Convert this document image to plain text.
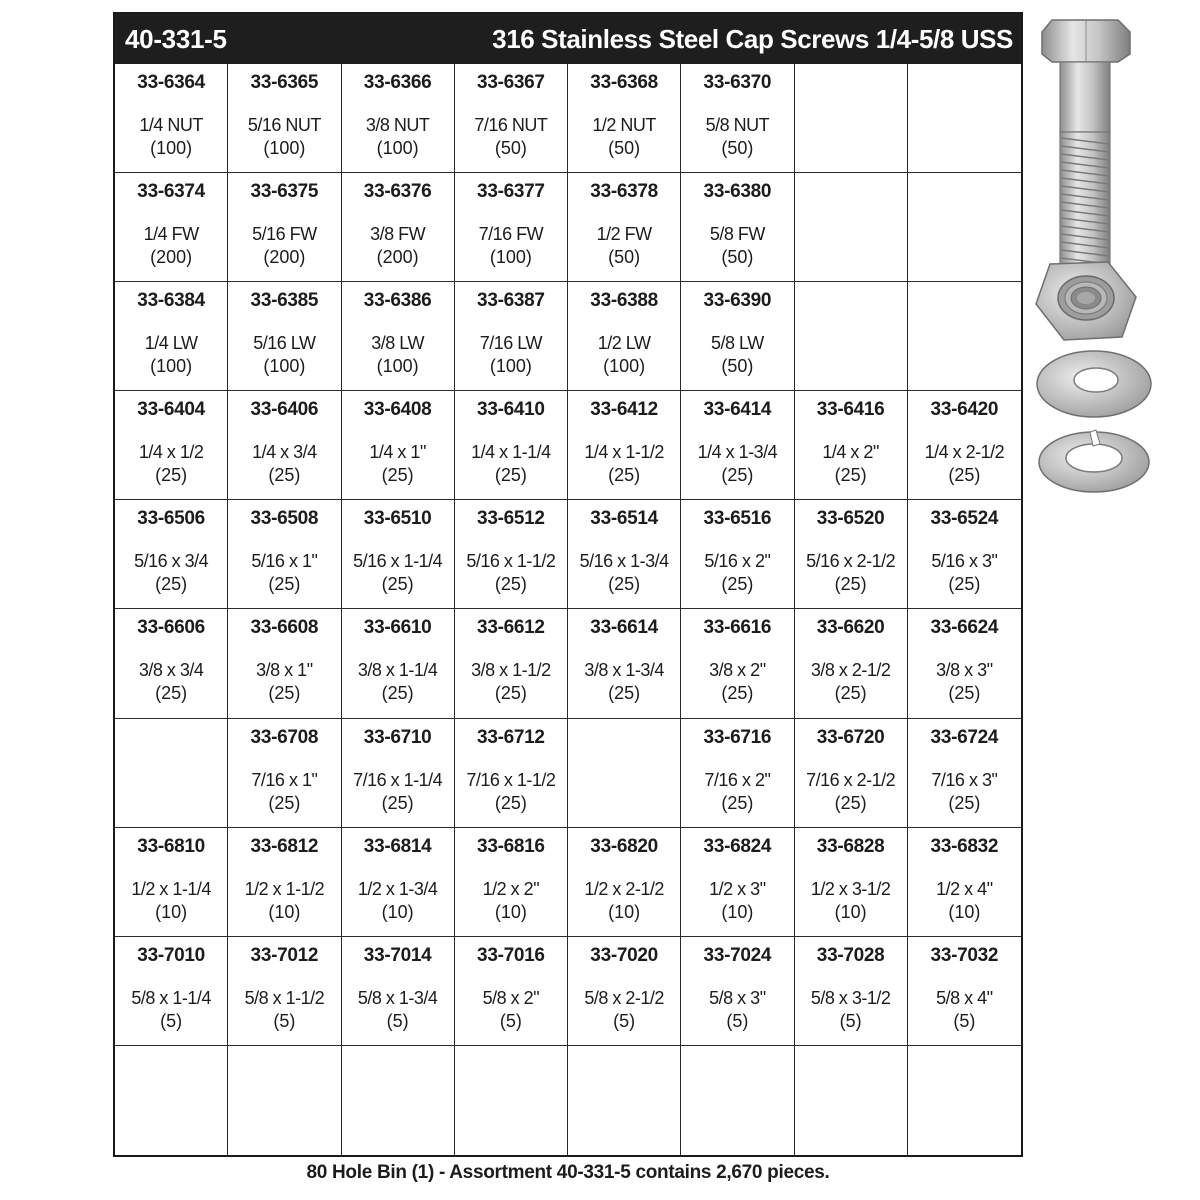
40-331-5	316 Stainless Steel Cap Screws 1/4-5/8 USS
33-6364
1/4 NUT
(100)
33-6365
5/16 NUT
(100)
33-6366
3/8 NUT
(100)
33-6367
7/16 NUT
(50)
33-6368
1/2 NUT
(50)
33-6370
5/8 NUT
(50)
33-6374
1/4 FW
(200)
33-6375
5/16 FW
(200)
33-6376
3/8 FW
(200)
33-6377
7/16 FW
(100)
33-6378
1/2 FW
(50)
33-6380
5/8 FW
(50)
33-6384
1/4 LW
(100)
33-6385
5/16 LW
(100)
33-6386
3/8 LW
(100)
33-6387
7/16 LW
(100)
33-6388
1/2 LW
(100)
33-6390
5/8 LW
(50)
33-6404
1/4 x 1/2
(25)
33-6406
1/4 x 3/4
(25)
33-6408
1/4 x 1"
(25)
33-6410
1/4 x 1-1/4
(25)
33-6412
1/4 x 1-1/2
(25)
33-6414
1/4 x 1-3/4
(25)
33-6416
1/4 x 2"
(25)
33-6420
1/4 x 2-1/2
(25)
33-6506
5/16 x 3/4
(25)
33-6508
5/16 x 1"
(25)
33-6510
5/16 x 1-1/4
(25)
33-6512
5/16 x 1-1/2
(25)
33-6514
5/16 x 1-3/4
(25)
33-6516
5/16 x 2"
(25)
33-6520
5/16 x 2-1/2
(25)
33-6524
5/16 x 3"
(25)
33-6606
3/8 x 3/4
(25)
33-6608
3/8 x 1"
(25)
33-6610
3/8 x 1-1/4
(25)
33-6612
3/8 x 1-1/2
(25)
33-6614
3/8 x 1-3/4
(25)
33-6616
3/8 x 2"
(25)
33-6620
3/8 x 2-1/2
(25)
33-6624
3/8 x 3"
(25)
33-6708
7/16 x 1"
(25)
33-6710
7/16 x 1-1/4
(25)
33-6712
7/16 x 1-1/2
(25)
33-6716
7/16 x 2"
(25)
33-6720
7/16 x 2-1/2
(25)
33-6724
7/16 x 3"
(25)
33-6810
1/2 x 1-1/4
(10)
33-6812
1/2 x 1-1/2
(10)
33-6814
1/2 x 1-3/4
(10)
33-6816
1/2 x 2"
(10)
33-6820
1/2 x 2-1/2
(10)
33-6824
1/2 x 3"
(10)
33-6828
1/2 x 3-1/2
(10)
33-6832
1/2 x 4"
(10)
33-7010
5/8 x 1-1/4
(5)
33-7012
5/8 x 1-1/2
(5)
33-7014
5/8 x 1-3/4
(5)
33-7016
5/8 x 2"
(5)
33-7020
5/8 x 2-1/2
(5)
33-7024
5/8 x 3"
(5)
33-7028
5/8 x 3-1/2
(5)
33-7032
5/8 x 4"
(5)
80 Hole Bin (1) - Assortment 40-331-5 contains 2,670 pieces.
